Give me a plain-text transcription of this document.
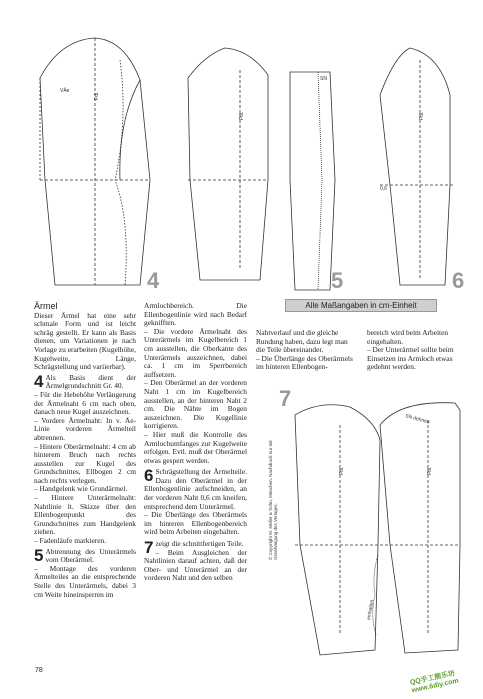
Fdl.
VÄe
Fdl.
SN
0,6
Fdl.
4	5	6
Ärmel

Dieser Ärmel hat eine sehr schmale Form und ist leicht schräg gestellt. Er kann als Basis dienen, um Variationen je nach Vorlage zu erarbeiten (Kugelhöhe, Kugelweite, Länge, Schrägstellung und variierbar).

4 Als Basis dient der Ärmelgrundschnitt Gr. 40.

– Für die Hebehöhe Verlängerung der Ärmelnaht 6 cm nach oben, danach neue Kugel auszeichnen.

– Vordere Ärmelnaht: In v. Äe-Linie vorderen Ärmelteil abtrennen.

– Hintere Oberärmelnaht: 4 cm ab hinterem Bruch nach rechts ausstellen zur Kugel des Grundschnittes, Ellbogen 2 cm nach rechts verlegen.

– Handgelenk wie Grundärmel.

– Hintere Unterärmelnaht: Nahtlinie lt. Skizze über den Ellenbogenpunkt des Grundschnittes zum Handgelenk ziehen.

– Fadenläufe markieren.

5 Abtrennung des Unterärmels vom Oberärmel.

– Montage des vorderen Ärmelteiles an die entsprechende Stelle des Unterärmels, dabei 3 cm Weite hineinsperren im

Armlochbereich. Die Ellenbogenlinie wird nach Bedarf geknifften.

– Die vordere Ärmelnaht des Unterärmels im Kugelbereich 1 cm ausstellen, die Oberkante des Unterärmels auszeichnen, dabei ca. 1 cm im Sperrbereich auffsetzen.

– Den Oberärmel an der vorderen Naht 1 cm im Kugelbereich ausstellen, an der hinteren Naht 2 cm. Die Nähte im Bogen auszeichnen. Die Kugellinie korrigieren.

– Hier muß die Kontrolle des Armlochumfanges zur Kugelweite erfolgen. Evtl. muß der Oberärmel etwas gespert werden.

6 Schrägstellung der Ärmelteile. Dazu den Oberärmel in der Ellenbogenlinie aufschneiden, an der vorderen Naht 0,6 cm kneifen, entsprechend dem Unterärmel.

– Die Überlänge des Oberärmels im hinteren Ellenbogenbereich wird beim Arbeiten eingehalten.

7 zeigt die schnittfertigen Teile.

– Beim Ausgleichen der Nahtlinien darauf achten, daß der Ober- und Unterärmel an der vorderen Naht und den selben

Alle Maßangaben in cm-Einheit
Nahtverlauf und die gleiche Rundung haben, dazu legt man die Teile übereinander.
– Die Überlänge des Oberärmels im hinteren Ellenbogen-
bereich wird beim Arbeiten eingehalten.
– Der Unterärmel sollte beim Einsetzen ins Armloch etwas gedehnt werden.
7
Fdl.	Fdl.
SN dehnen
einhalten
© Copyright M. Müller & Sohn, München. Nachdruck nur mit Genehmigung des Verlages.
78	QQ手工熊乐坊 www.6diy.com
